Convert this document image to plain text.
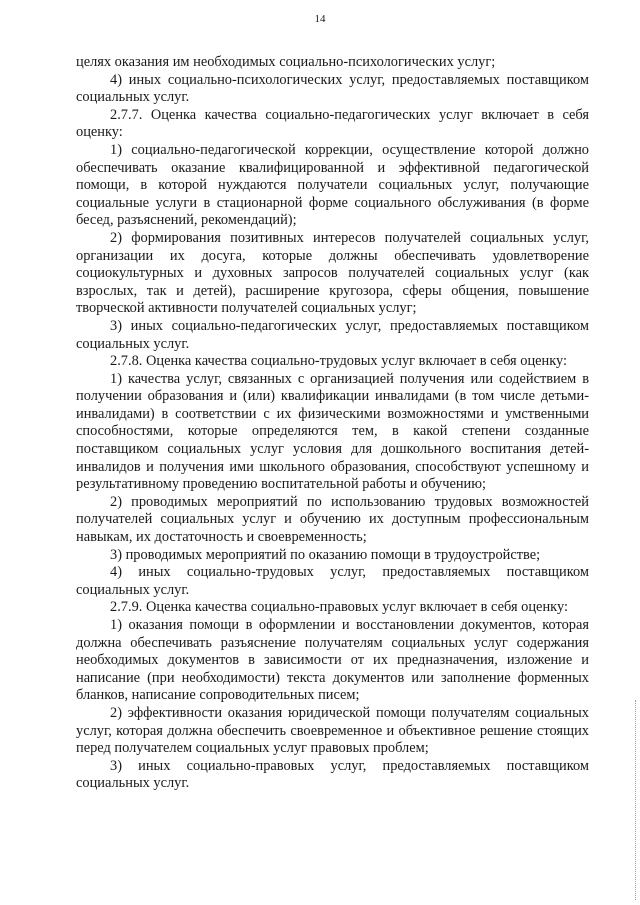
14

целях оказания им необходимых социально-психологических услуг;

4) иных социально-психологических услуг, предоставляемых поставщиком социальных услуг.

2.7.7. Оценка качества социально-педагогических услуг включает в себя оценку:

1) социально-педагогической коррекции, осуществление которой должно обеспечивать оказание квалифицированной и эффективной педагогической помощи, в которой нуждаются получатели социальных услуг, получающие социальные услуги в стационарной форме социального обслуживания (в форме бесед, разъяснений, рекомендаций);

2) формирования позитивных интересов получателей социальных услуг, организации их досуга, которые должны обеспечивать удовлетворение социокультурных и духовных запросов получателей социальных услуг (как взрослых, так и детей), расширение кругозора, сферы общения, повышение творческой активности получателей социальных услуг;

3) иных социально-педагогических услуг, предоставляемых поставщиком социальных услуг.

2.7.8. Оценка качества социально-трудовых услуг включает в себя оценку:

1) качества услуг, связанных с организацией получения или содействием в получении образования и (или) квалификации инвалидами (в том числе детьми-инвалидами) в соответствии с их физическими возможностями и умственными способностями, которые определяются тем, в какой степени созданные поставщиком социальных услуг условия для дошкольного воспитания детей-инвалидов и получения ими школьного образования, способствуют успешному и результативному проведению воспитательной работы и обучению;

2) проводимых мероприятий по использованию трудовых возможностей получателей социальных услуг и обучению их доступным профессиональным навыкам, их достаточность и своевременность;

3) проводимых мероприятий по оказанию помощи в трудоустройстве;

4) иных социально-трудовых услуг, предоставляемых поставщиком социальных услуг.

2.7.9. Оценка качества социально-правовых услуг включает в себя оценку:

1) оказания помощи в оформлении и восстановлении документов, которая должна обеспечивать разъяснение получателям социальных услуг содержания необходимых документов в зависимости от их предназначения, изложение и написание (при необходимости) текста документов или заполнение форменных бланков, написание сопроводительных писем;

2) эффективности оказания юридической помощи получателям социальных услуг, которая должна обеспечить своевременное и объективное решение стоящих перед получателем социальных услуг правовых проблем;

3) иных социально-правовых услуг, предоставляемых поставщиком социальных услуг.
